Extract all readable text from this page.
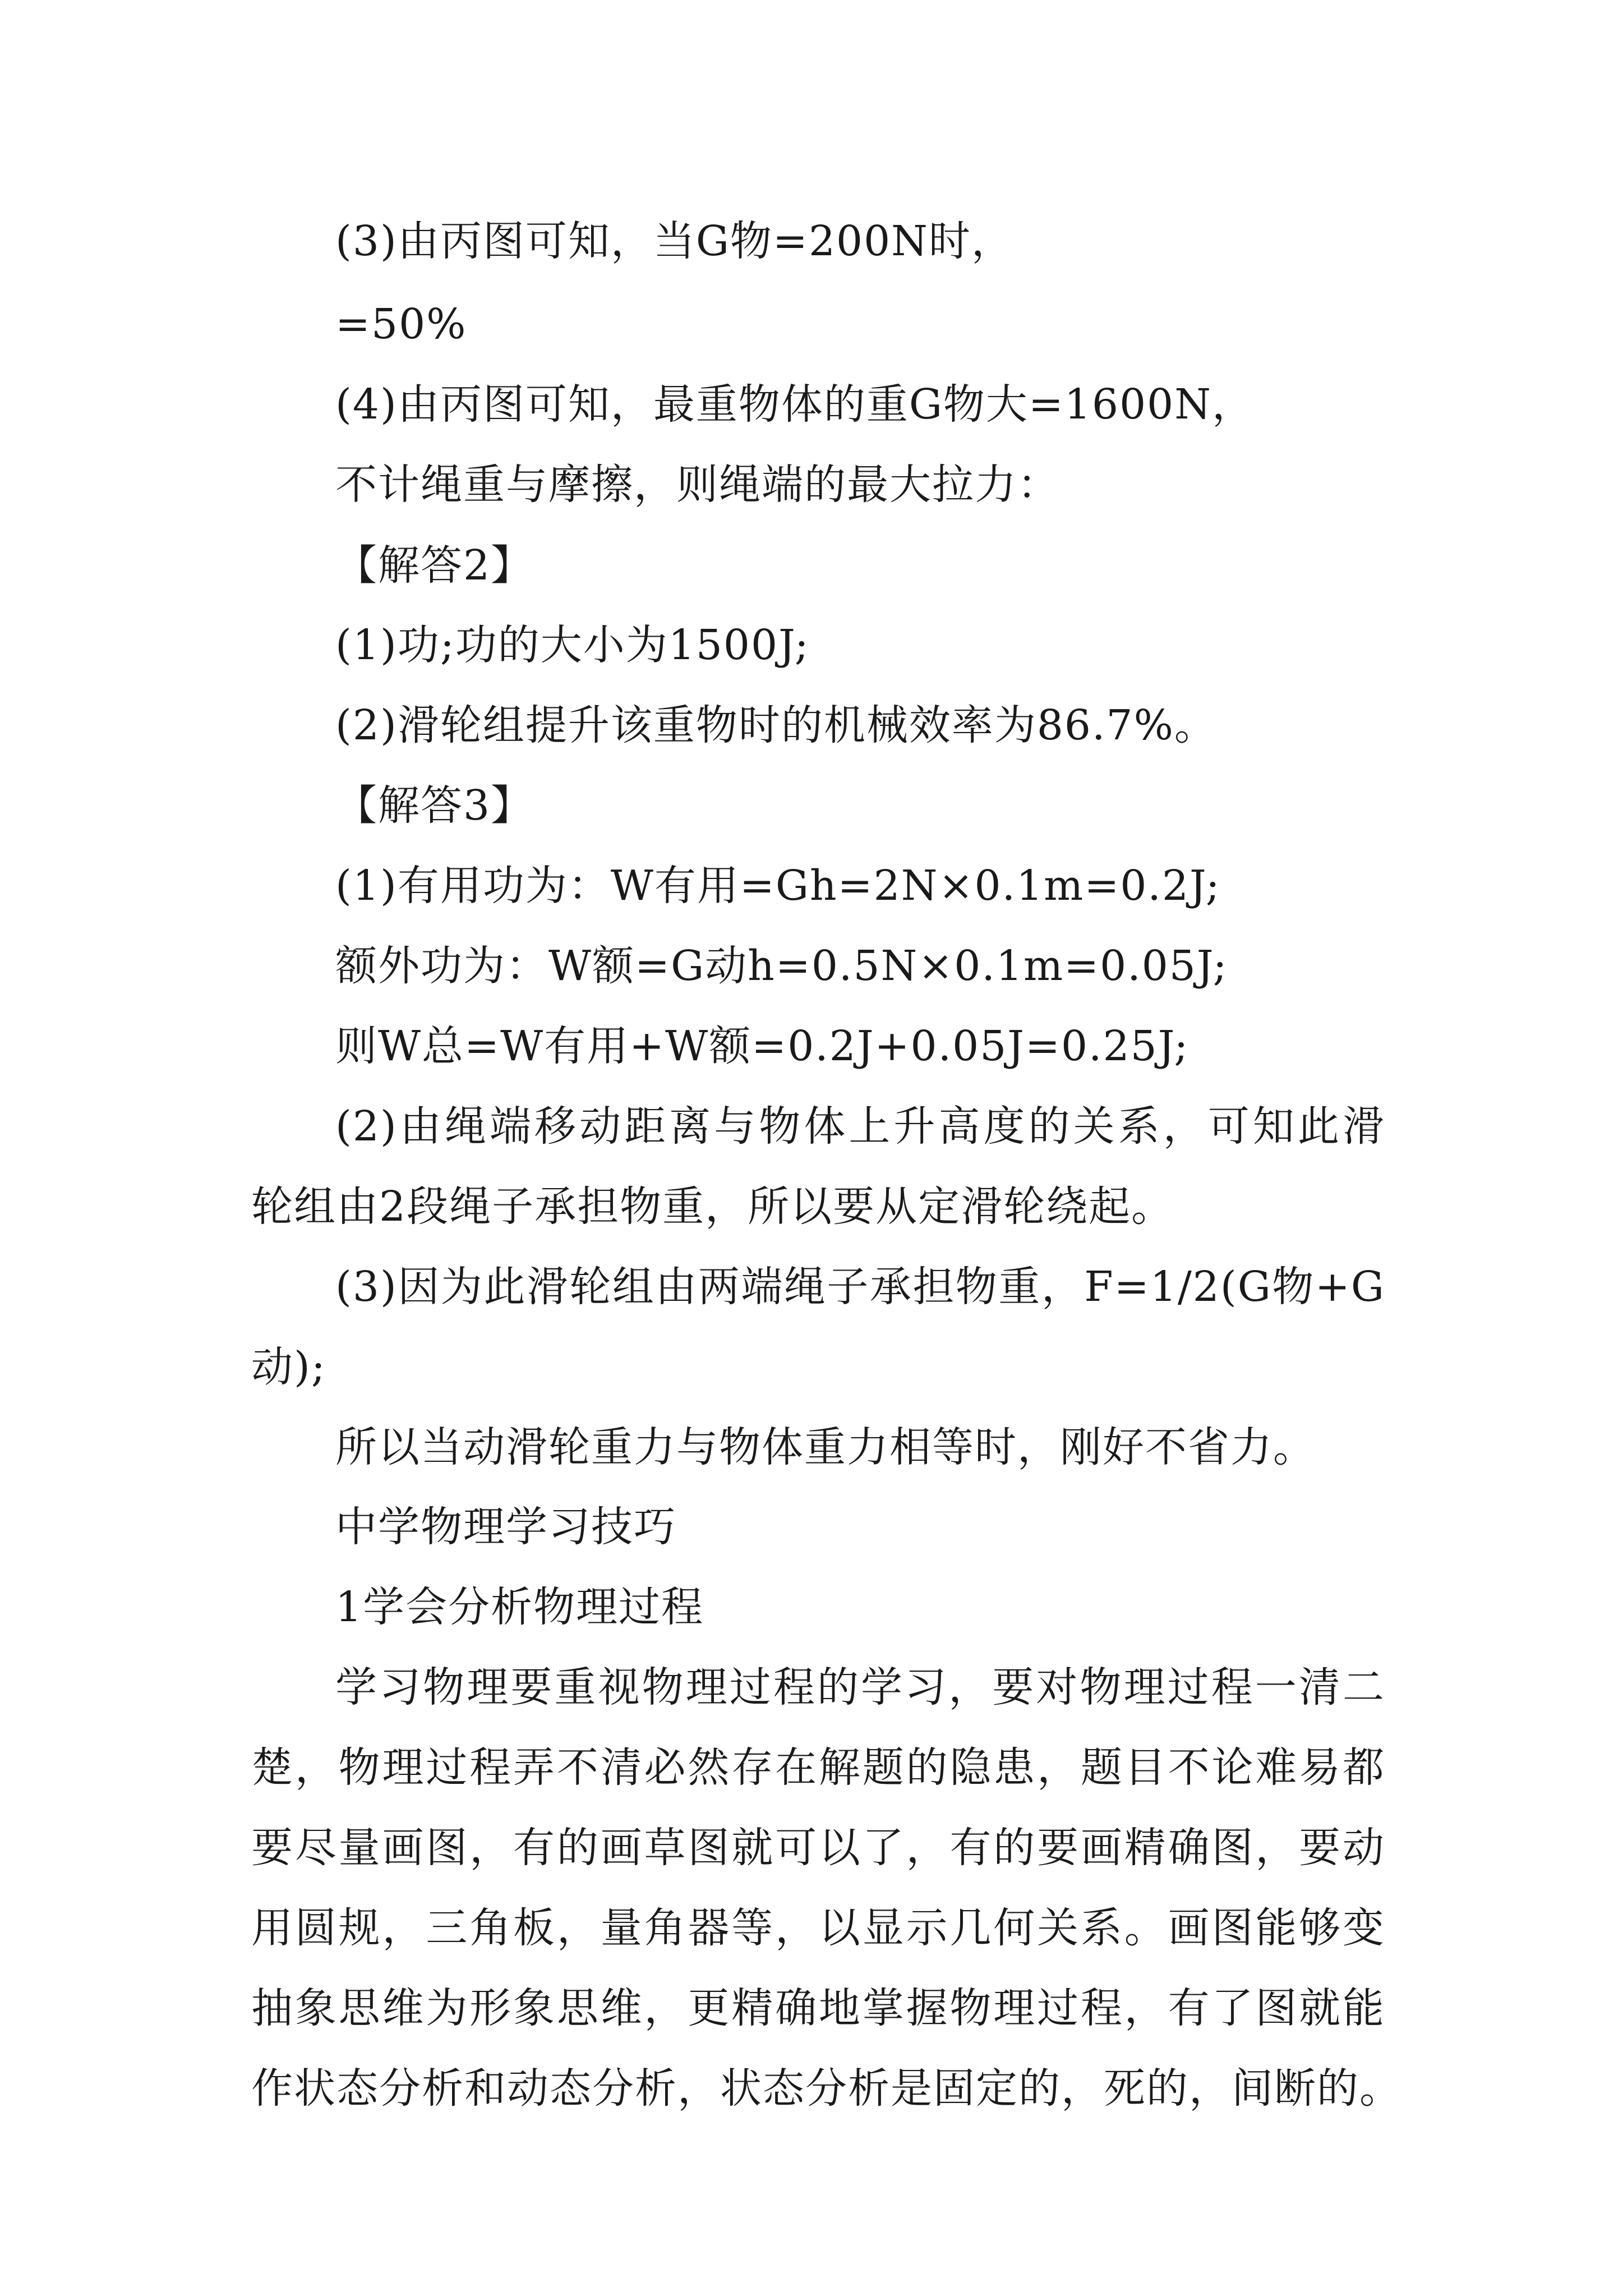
(3)由丙图可知，当G物=200N时，
=50%
(4)由丙图可知，最重物体的重G物大=1600N，
不计绳重与摩擦，则绳端的最大拉力：
【解答2】
(1)功;功的大小为1500J;
(2)滑轮组提升该重物时的机械效率为86.7%。
【解答3】
(1)有用功为：W有用=Gh=2N×0.1m=0.2J;
额外功为：W额=G动h=0.5N×0.1m=0.05J;
则W总=W有用+W额=0.2J+0.05J=0.25J;
(2)由绳端移动距离与物体上升高度的关系，可知此滑
轮组由2段绳子承担物重，所以要从定滑轮绕起。
(3)因为此滑轮组由两端绳子承担物重，F=1/2(G物+G
动);
所以当动滑轮重力与物体重力相等时，刚好不省力。
中学物理学习技巧
1学会分析物理过程
学习物理要重视物理过程的学习，要对物理过程一清二
楚，物理过程弄不清必然存在解题的隐患，题目不论难易都
要尽量画图，有的画草图就可以了，有的要画精确图，要动
用圆规，三角板，量角器等，以显示几何关系。画图能够变
抽象思维为形象思维，更精确地掌握物理过程，有了图就能
作状态分析和动态分析，状态分析是固定的，死的，间断的。
